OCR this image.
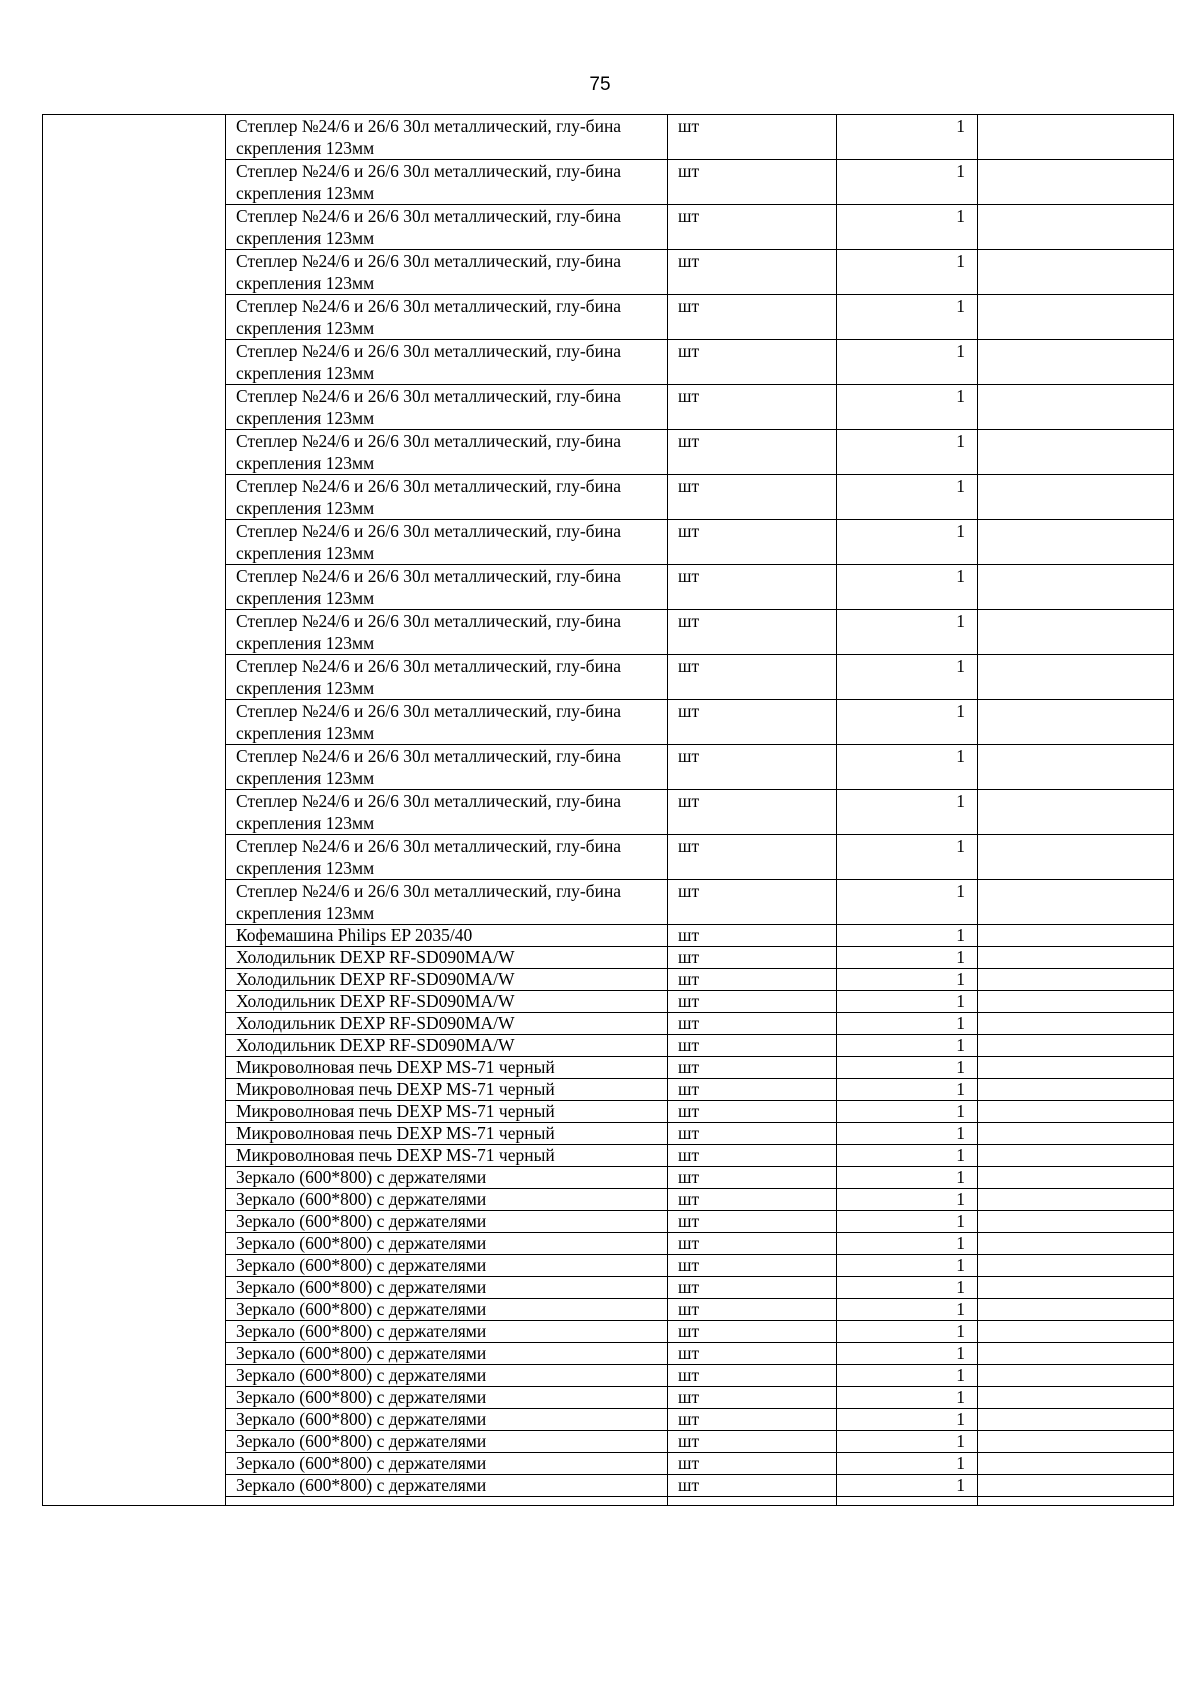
75
	Степлер №24/6 и 26/6 30л металлический, глу-бина скрепления 123мм	шт	1	
	Степлер №24/6 и 26/6 30л металлический, глу-бина скрепления 123мм	шт	1	
	Степлер №24/6 и 26/6 30л металлический, глу-бина скрепления 123мм	шт	1	
	Степлер №24/6 и 26/6 30л металлический, глу-бина скрепления 123мм	шт	1	
	Степлер №24/6 и 26/6 30л металлический, глу-бина скрепления 123мм	шт	1	
	Степлер №24/6 и 26/6 30л металлический, глу-бина скрепления 123мм	шт	1	
	Степлер №24/6 и 26/6 30л металлический, глу-бина скрепления 123мм	шт	1	
	Степлер №24/6 и 26/6 30л металлический, глу-бина скрепления 123мм	шт	1	
	Степлер №24/6 и 26/6 30л металлический, глу-бина скрепления 123мм	шт	1	
	Степлер №24/6 и 26/6 30л металлический, глу-бина скрепления 123мм	шт	1	
	Степлер №24/6 и 26/6 30л металлический, глу-бина скрепления 123мм	шт	1	
	Степлер №24/6 и 26/6 30л металлический, глу-бина скрепления 123мм	шт	1	
	Степлер №24/6 и 26/6 30л металлический, глу-бина скрепления 123мм	шт	1	
	Степлер №24/6 и 26/6 30л металлический, глу-бина скрепления 123мм	шт	1	
	Степлер №24/6 и 26/6 30л металлический, глу-бина скрепления 123мм	шт	1	
	Степлер №24/6 и 26/6 30л металлический, глу-бина скрепления 123мм	шт	1	
	Степлер №24/6 и 26/6 30л металлический, глу-бина скрепления 123мм	шт	1	
	Степлер №24/6 и 26/6 30л металлический, глу-бина скрепления 123мм	шт	1	
	Кофемашина Philips EP 2035/40	шт	1	
	Холодильник DEXP RF-SD090MA/W	шт	1	
	Холодильник DEXP RF-SD090MA/W	шт	1	
	Холодильник DEXP RF-SD090MA/W	шт	1	
	Холодильник DEXP RF-SD090MA/W	шт	1	
	Холодильник DEXP RF-SD090MA/W	шт	1	
	Микроволновая печь DEXP MS-71 черный	шт	1	
	Микроволновая печь DEXP MS-71 черный	шт	1	
	Микроволновая печь DEXP MS-71 черный	шт	1	
	Микроволновая печь DEXP MS-71 черный	шт	1	
	Микроволновая печь DEXP MS-71 черный	шт	1	
	Зеркало (600*800) с держателями	шт	1	
	Зеркало (600*800) с держателями	шт	1	
	Зеркало (600*800) с держателями	шт	1	
	Зеркало (600*800) с держателями	шт	1	
	Зеркало (600*800) с держателями	шт	1	
	Зеркало (600*800) с держателями	шт	1	
	Зеркало (600*800) с держателями	шт	1	
	Зеркало (600*800) с держателями	шт	1	
	Зеркало (600*800) с держателями	шт	1	
	Зеркало (600*800) с держателями	шт	1	
	Зеркало (600*800) с держателями	шт	1	
	Зеркало (600*800) с держателями	шт	1	
	Зеркало (600*800) с держателями	шт	1	
	Зеркало (600*800) с держателями	шт	1	
	Зеркало (600*800) с держателями	шт	1	
